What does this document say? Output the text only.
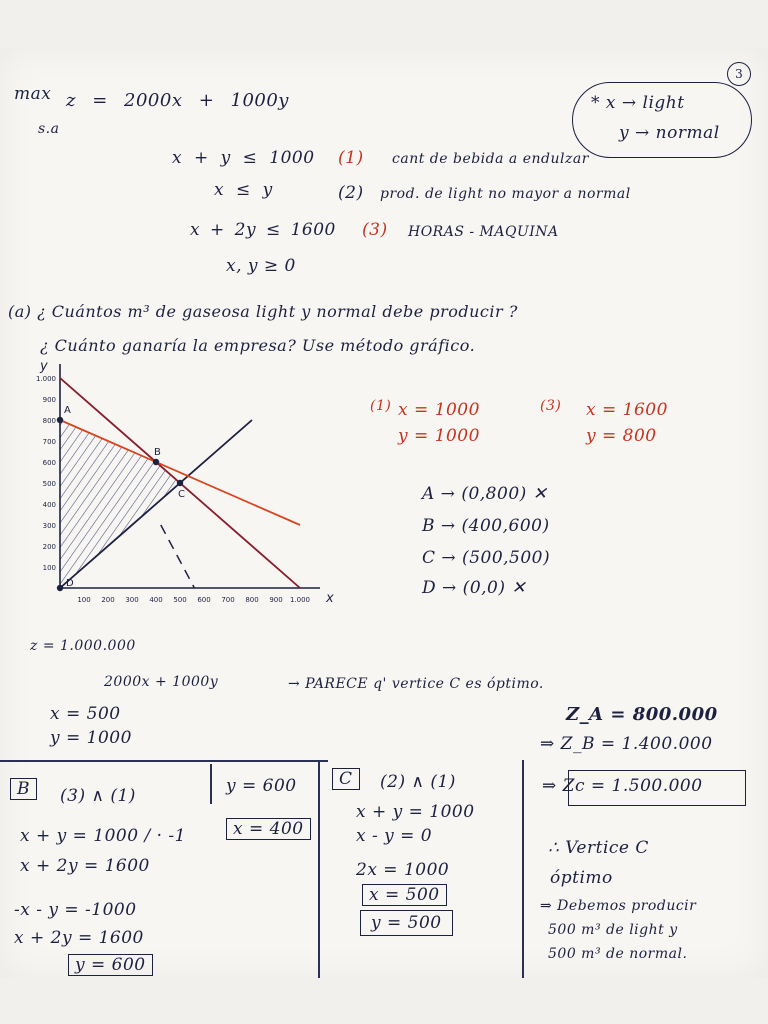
3
max z = 2000x + 1000y
s.a
* x → light
y → normal
x + y ≤ 1000 (1) cant de bebida a endulzar
x ≤ y	(2) prod. de light no mayor a normal
x + 2y ≤ 1600 (3) HORAS - MAQUINA
x, y ≥ 0
(a) ¿ Cuántos m³ de gaseosa light y normal debe producir ?
¿ Cuánto ganaría la empresa? Use método gráfico.
x
y
100 200 300 400 500 600 700 800 900 1.000
100
200
300
400
500
600
700
800
900
1.000
A
B
C
D
(1) x = 1000
y = 1000
(3) x = 1600
y = 800
A → (0,800) ✕
B → (400,600)
C → (500,500)
D → (0,0) ✕
z = 1.000.000
2000x + 1000y	→ PARECE q' vertice C es óptimo.
x = 500
y = 1000
Z_A = 800.000
⇒ Z_B = 1.400.000
⇒ Zc = 1.500.000
B	(3) ∧ (1)	y = 600
x = 400
x + y = 1000 / · -1
x + 2y = 1600
-x - y = -1000
x + 2y = 1600
y = 600
C	(2) ∧ (1)
x + y = 1000
x - y = 0
2x = 1000
x = 500
y = 500
∴ Vertice C
óptimo
⇒ Debemos producir
500 m³ de light y
500 m³ de normal.
